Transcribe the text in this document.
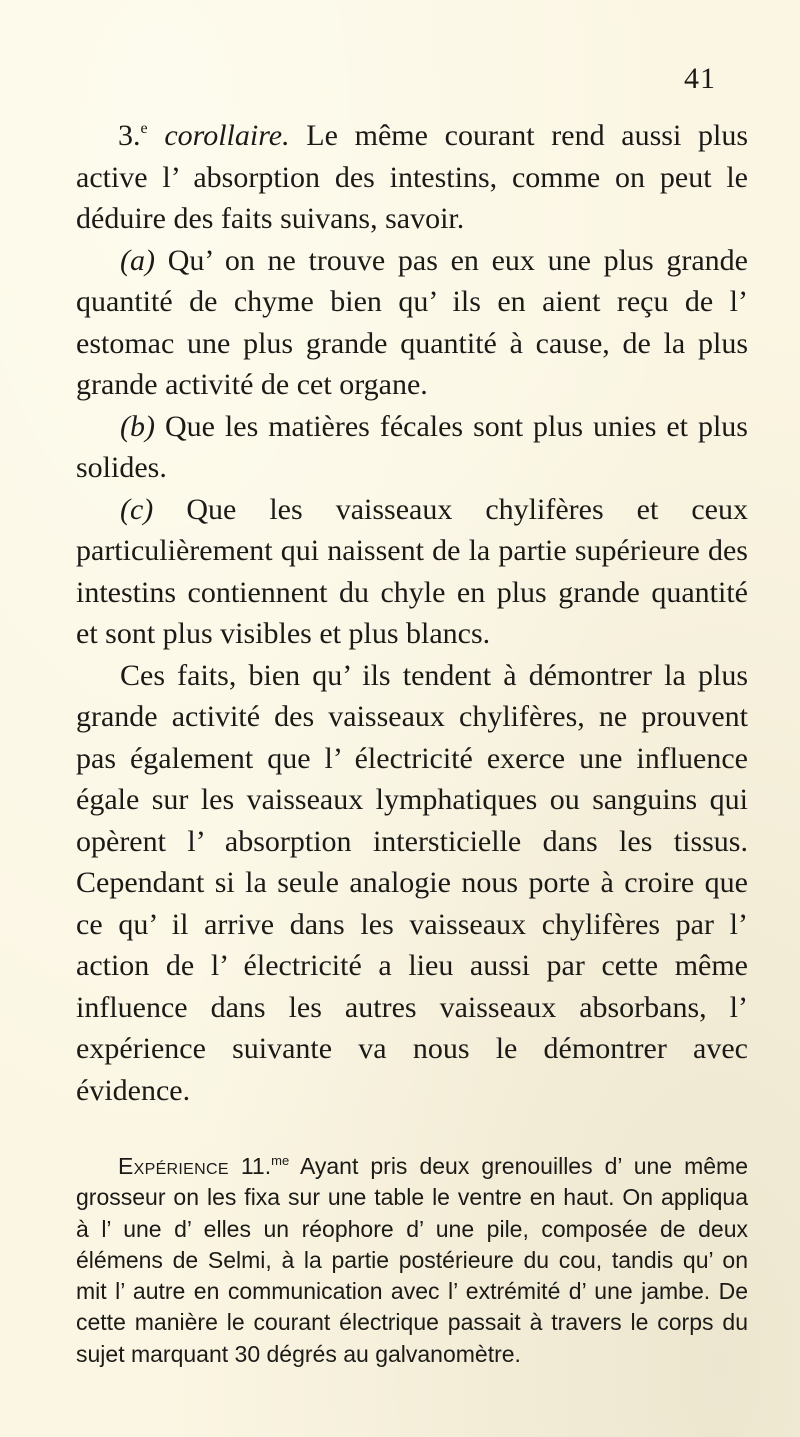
41

3.$^e$ corollaire. Le même courant rend aussi plus active l’ absorption des intestins, comme on peut le déduire des faits suivans, savoir.

(a) Qu’ on ne trouve pas en eux une plus grande quantité de chyme bien qu’ ils en aient reçu de l’ estomac une plus grande quantité à cause, de la plus grande activité de cet organe.

(b) Que les matières fécales sont plus unies et plus solides.

(c) Que les vaisseaux chylifères et ceux particulièrement qui naissent de la partie supérieure des intestins contiennent du chyle en plus grande quantité et sont plus visibles et plus blancs.

Ces faits, bien qu’ ils tendent à démontrer la plus grande activité des vaisseaux chylifères, ne prouvent pas également que l’ électricité exerce une influence égale sur les vaisseaux lymphatiques ou sanguins qui opèrent l’ absorption intersticielle dans les tissus. Cependant si la seule analogie nous porte à croire que ce qu’ il arrive dans les vaisseaux chylifères par l’ action de l’ électricité a lieu aussi par cette même influence dans les autres vaisseaux absorbans, l’ expérience suivante va nous le démontrer avec évidence.

Expérience 11.$^{me}$ Ayant pris deux grenouilles d’ une même grosseur on les fixa sur une table le ventre en haut. On appliqua à l’ une d’ elles un réophore d’ une pile, composée de deux élémens de Selmi, à la partie postérieure du cou, tandis qu’ on mit l’ autre en communication avec l’ extrémité d’ une jambe. De cette manière le courant électrique passait à travers le corps du sujet marquant 30 dégrés au galvanomètre.
